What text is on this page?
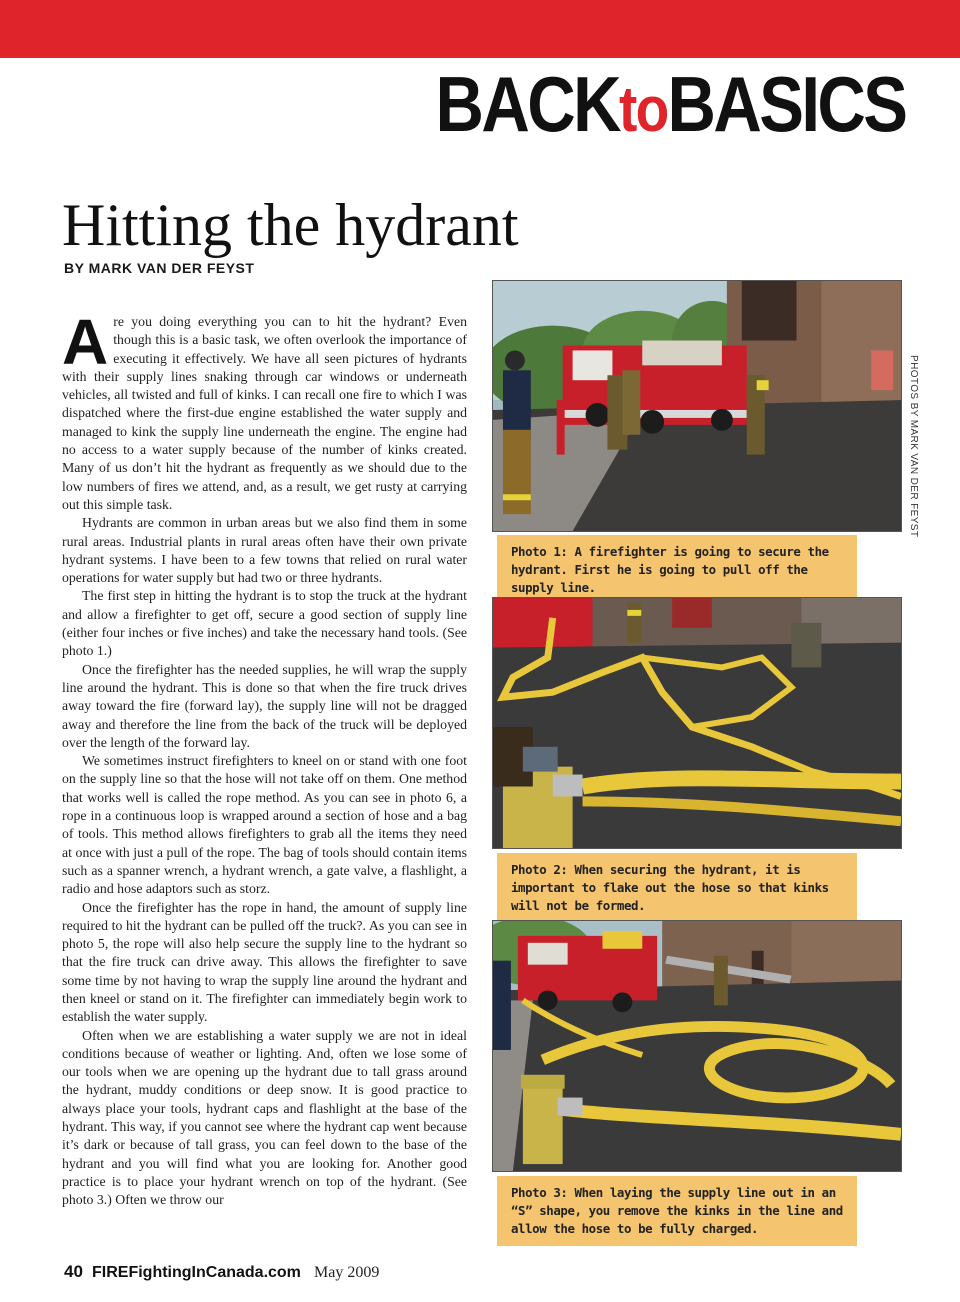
BACKtoBASICS
Hitting the hydrant
BY MARK VAN DER FEYST

Are you doing everything you can to hit the hydrant? Even though this is a basic task, we often overlook the importance of executing it effectively. We have all seen pictures of hydrants with their supply lines snaking through car windows or underneath vehicles, all twisted and full of kinks. I can recall one fire to which I was dispatched where the first-due engine established the water supply and managed to kink the supply line underneath the engine. The engine had no access to a water supply because of the number of kinks created. Many of us don’t hit the hydrant as frequently as we should due to the low numbers of fires we attend, and, as a result, we get rusty at carrying out this simple task.

Hydrants are common in urban areas but we also find them in some rural areas. Industrial plants in rural areas often have their own private hydrant systems. I have been to a few towns that relied on rural water operations for water supply but had two or three hydrants.

The first step in hitting the hydrant is to stop the truck at the hydrant and allow a firefighter to get off, secure a good section of supply line (either four inches or five inches) and take the necessary hand tools. (See photo 1.)

Once the firefighter has the needed supplies, he will wrap the supply line around the hydrant. This is done so that when the fire truck drives away toward the fire (forward lay), the supply line will not be dragged away and therefore the line from the back of the truck will be deployed over the length of the forward lay.

We sometimes instruct firefighters to kneel on or stand with one foot on the supply line so that the hose will not take off on them. One method that works well is called the rope method. As you can see in photo 6, a rope in a continuous loop is wrapped around a section of hose and a bag of tools. This method allows firefighters to grab all the items they need at once with just a pull of the rope. The bag of tools should contain items such as a spanner wrench, a hydrant wrench, a gate valve, a flashlight, a radio and hose adaptors such as storz.

Once the firefighter has the rope in hand, the amount of supply line required to hit the hydrant can be pulled off the truck?. As you can see in photo 5, the rope will also help secure the supply line to the hydrant so that the fire truck can drive away. This allows the firefighter to save some time by not having to wrap the supply line around the hydrant and then kneel or stand on it. The firefighter can immediately begin work to establish the water supply.

Often when we are establishing a water supply we are not in ideal conditions because of weather or lighting. And, often we lose some of our tools when we are opening up the hydrant due to tall grass around the hydrant, muddy conditions or deep snow. It is good practice to always place your tools, hydrant caps and flashlight at the base of the hydrant. This way, if you cannot see where the hydrant cap went because it’s dark or because of tall grass, you can feel down to the base of the hydrant and you will find what you are looking for. Another good practice is to place your hydrant wrench on top of the hydrant. (See photo 3.) Often we throw our

PHOTOS BY MARK VAN DER FEYST
Photo 1: A firefighter is going to secure the hydrant. First he is going to pull off the supply line.
Photo 2: When securing the hydrant, it is important to flake out the hose so that kinks will not be formed.
Photo 3: When laying the supply line out in an “S” shape, you remove the kinks in the line and allow the hose to be fully charged.
40 FIREFightingInCanada.com May 2009
